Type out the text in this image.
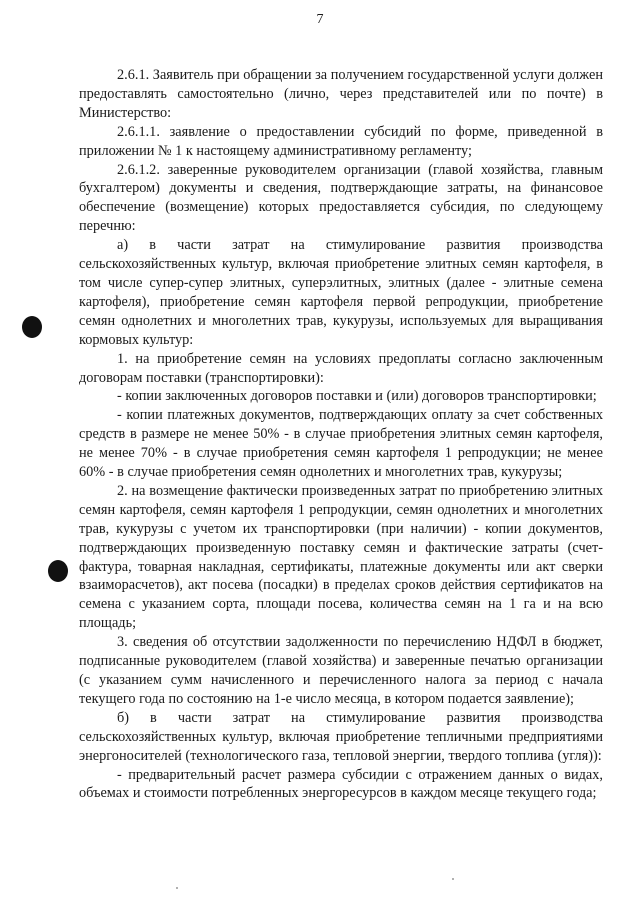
7

2.6.1. Заявитель при обращении за получением государственной услуги должен предоставлять самостоятельно (лично, через представителей или по почте) в Министерство:

2.6.1.1. заявление о предоставлении субсидий по форме, приведенной в приложении № 1 к настоящему административному регламенту;

2.6.1.2. заверенные руководителем организации (главой хозяйства, главным бухгалтером) документы и сведения, подтверждающие затраты, на финансовое обеспечение (возмещение) которых предоставляется субсидия, по следующему перечню:

а) в части затрат на стимулирование развития производства сельскохозяйственных культур, включая приобретение элитных семян картофеля, в том числе супер-супер элитных, суперэлитных, элитных (далее - элитные семена картофеля), приобретение семян картофеля первой репродукции, приобретение семян однолетних и многолетних трав, кукурузы, используемых для выращивания кормовых культур:

1. на приобретение семян на условиях предоплаты согласно заключенным договорам поставки (транспортировки):

- копии заключенных договоров поставки и (или) договоров транспортировки;

- копии платежных документов, подтверждающих оплату за счет собственных средств в размере не менее 50% - в случае приобретения элитных семян картофеля, не менее 70% - в случае приобретения семян картофеля 1 репродукции; не менее 60% - в случае приобретения семян однолетних и многолетних трав, кукурузы;

2. на возмещение фактически произведенных затрат по приобретению элитных семян картофеля, семян картофеля 1 репродукции, семян однолетних и многолетних трав, кукурузы с учетом их транспортировки (при наличии) - копии документов, подтверждающих произведенную поставку семян и фактические затраты (счет-фактура, товарная накладная, сертификаты, платежные документы или акт сверки взаиморасчетов), акт посева (посадки) в пределах сроков действия сертификатов на семена с указанием сорта, площади посева, количества семян на 1 га и на всю площадь;

3. сведения об отсутствии задолженности по перечислению НДФЛ в бюджет, подписанные руководителем (главой хозяйства) и заверенные печатью организации (с указанием сумм начисленного и перечисленного налога за период с начала текущего года по состоянию на 1-е число месяца, в котором подается заявление);

б) в части затрат на стимулирование развития производства сельскохозяйственных культур, включая приобретение тепличными предприятиями энергоносителей (технологического газа, тепловой энергии, твердого топлива (угля)):

- предварительный расчет размера субсидии с отражением данных о видах, объемах и стоимости потребленных энергоресурсов в каждом месяце текущего года;
